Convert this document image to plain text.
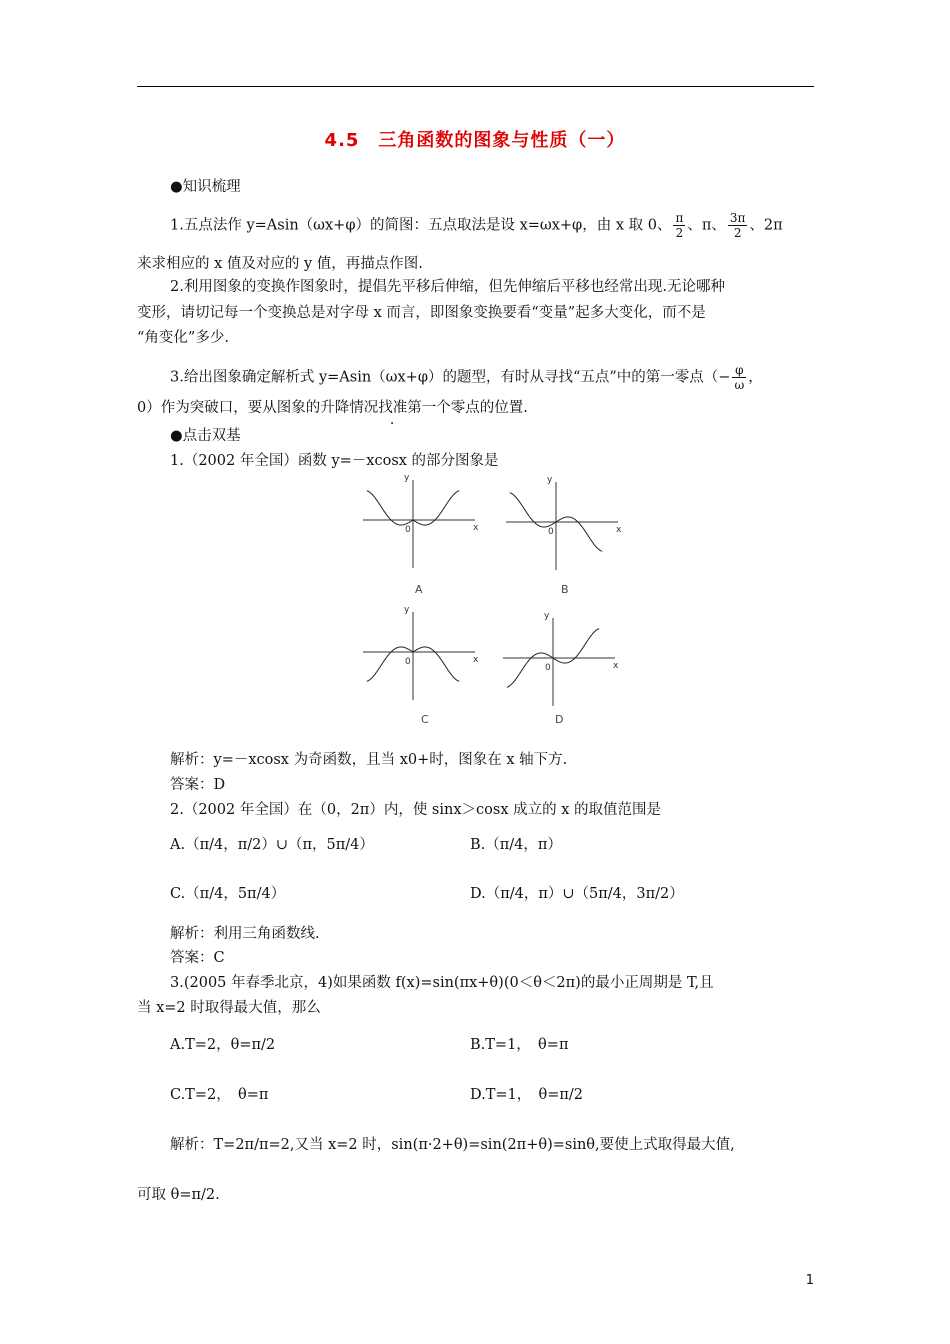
4.5　三角函数的图象与性质（一）
●知识梳理
1.五点法作 y=Asin（ωx+φ）的简图：五点取法是设 x=ωx+φ，由 x 取 0、 $\frac{\pi}{2}$ 、π、 $\frac{3\pi}{2}$ 、2π
来求相应的 x 值及对应的 y 值，再描点作图.
2.利用图象的变换作图象时，提倡先平移后伸缩，但先伸缩后平移也经常出现.无论哪种
变形，请切记每一个变换总是对字母 x 而言，即图象变换要看“变量”起多大变化，而不是
“角变化”多少.
3.给出图象确定解析式 y=Asin（ωx+φ）的题型，有时从寻找“五点”中的第一零点（− $\frac{\varphi}{\omega}$ ，
0）作为突破口，要从图象的升降情况找准第一个零点的位置.
●点击双基
1.（2002 年全国）函数 y=－xcosx 的部分图象是
x
y
0	x
y
0
x
y
0	x
y
0
A	B
C	D
解析：y=－xcosx 为奇函数，且当 x0+时，图象在 x 轴下方.
答案：D
2.（2002 年全国）在（0，2π）内，使 sinx＞cosx 成立的 x 的取值范围是
A.（π/4，π/2）∪（π，5π/4）	B.（π/4，π）
C.（π/4，5π/4）	D.（π/4，π）∪（5π/4，3π/2）
解析：利用三角函数线.
答案：C
3.(2005 年春季北京，4)如果函数 f(x)=sin(πx+θ)(0＜θ＜2π)的最小正周期是 T,且
当 x=2 时取得最大值，那么
A.T=2，θ=π/2	B.T=1，　θ=π
C.T=2，　θ=π	D.T=1，　θ=π/2
解析：T=2π/π=2,又当 x=2 时，sin(π·2+θ)=sin(2π+θ)=sinθ,要使上式取得最大值,
可取 θ=π/2.
1
